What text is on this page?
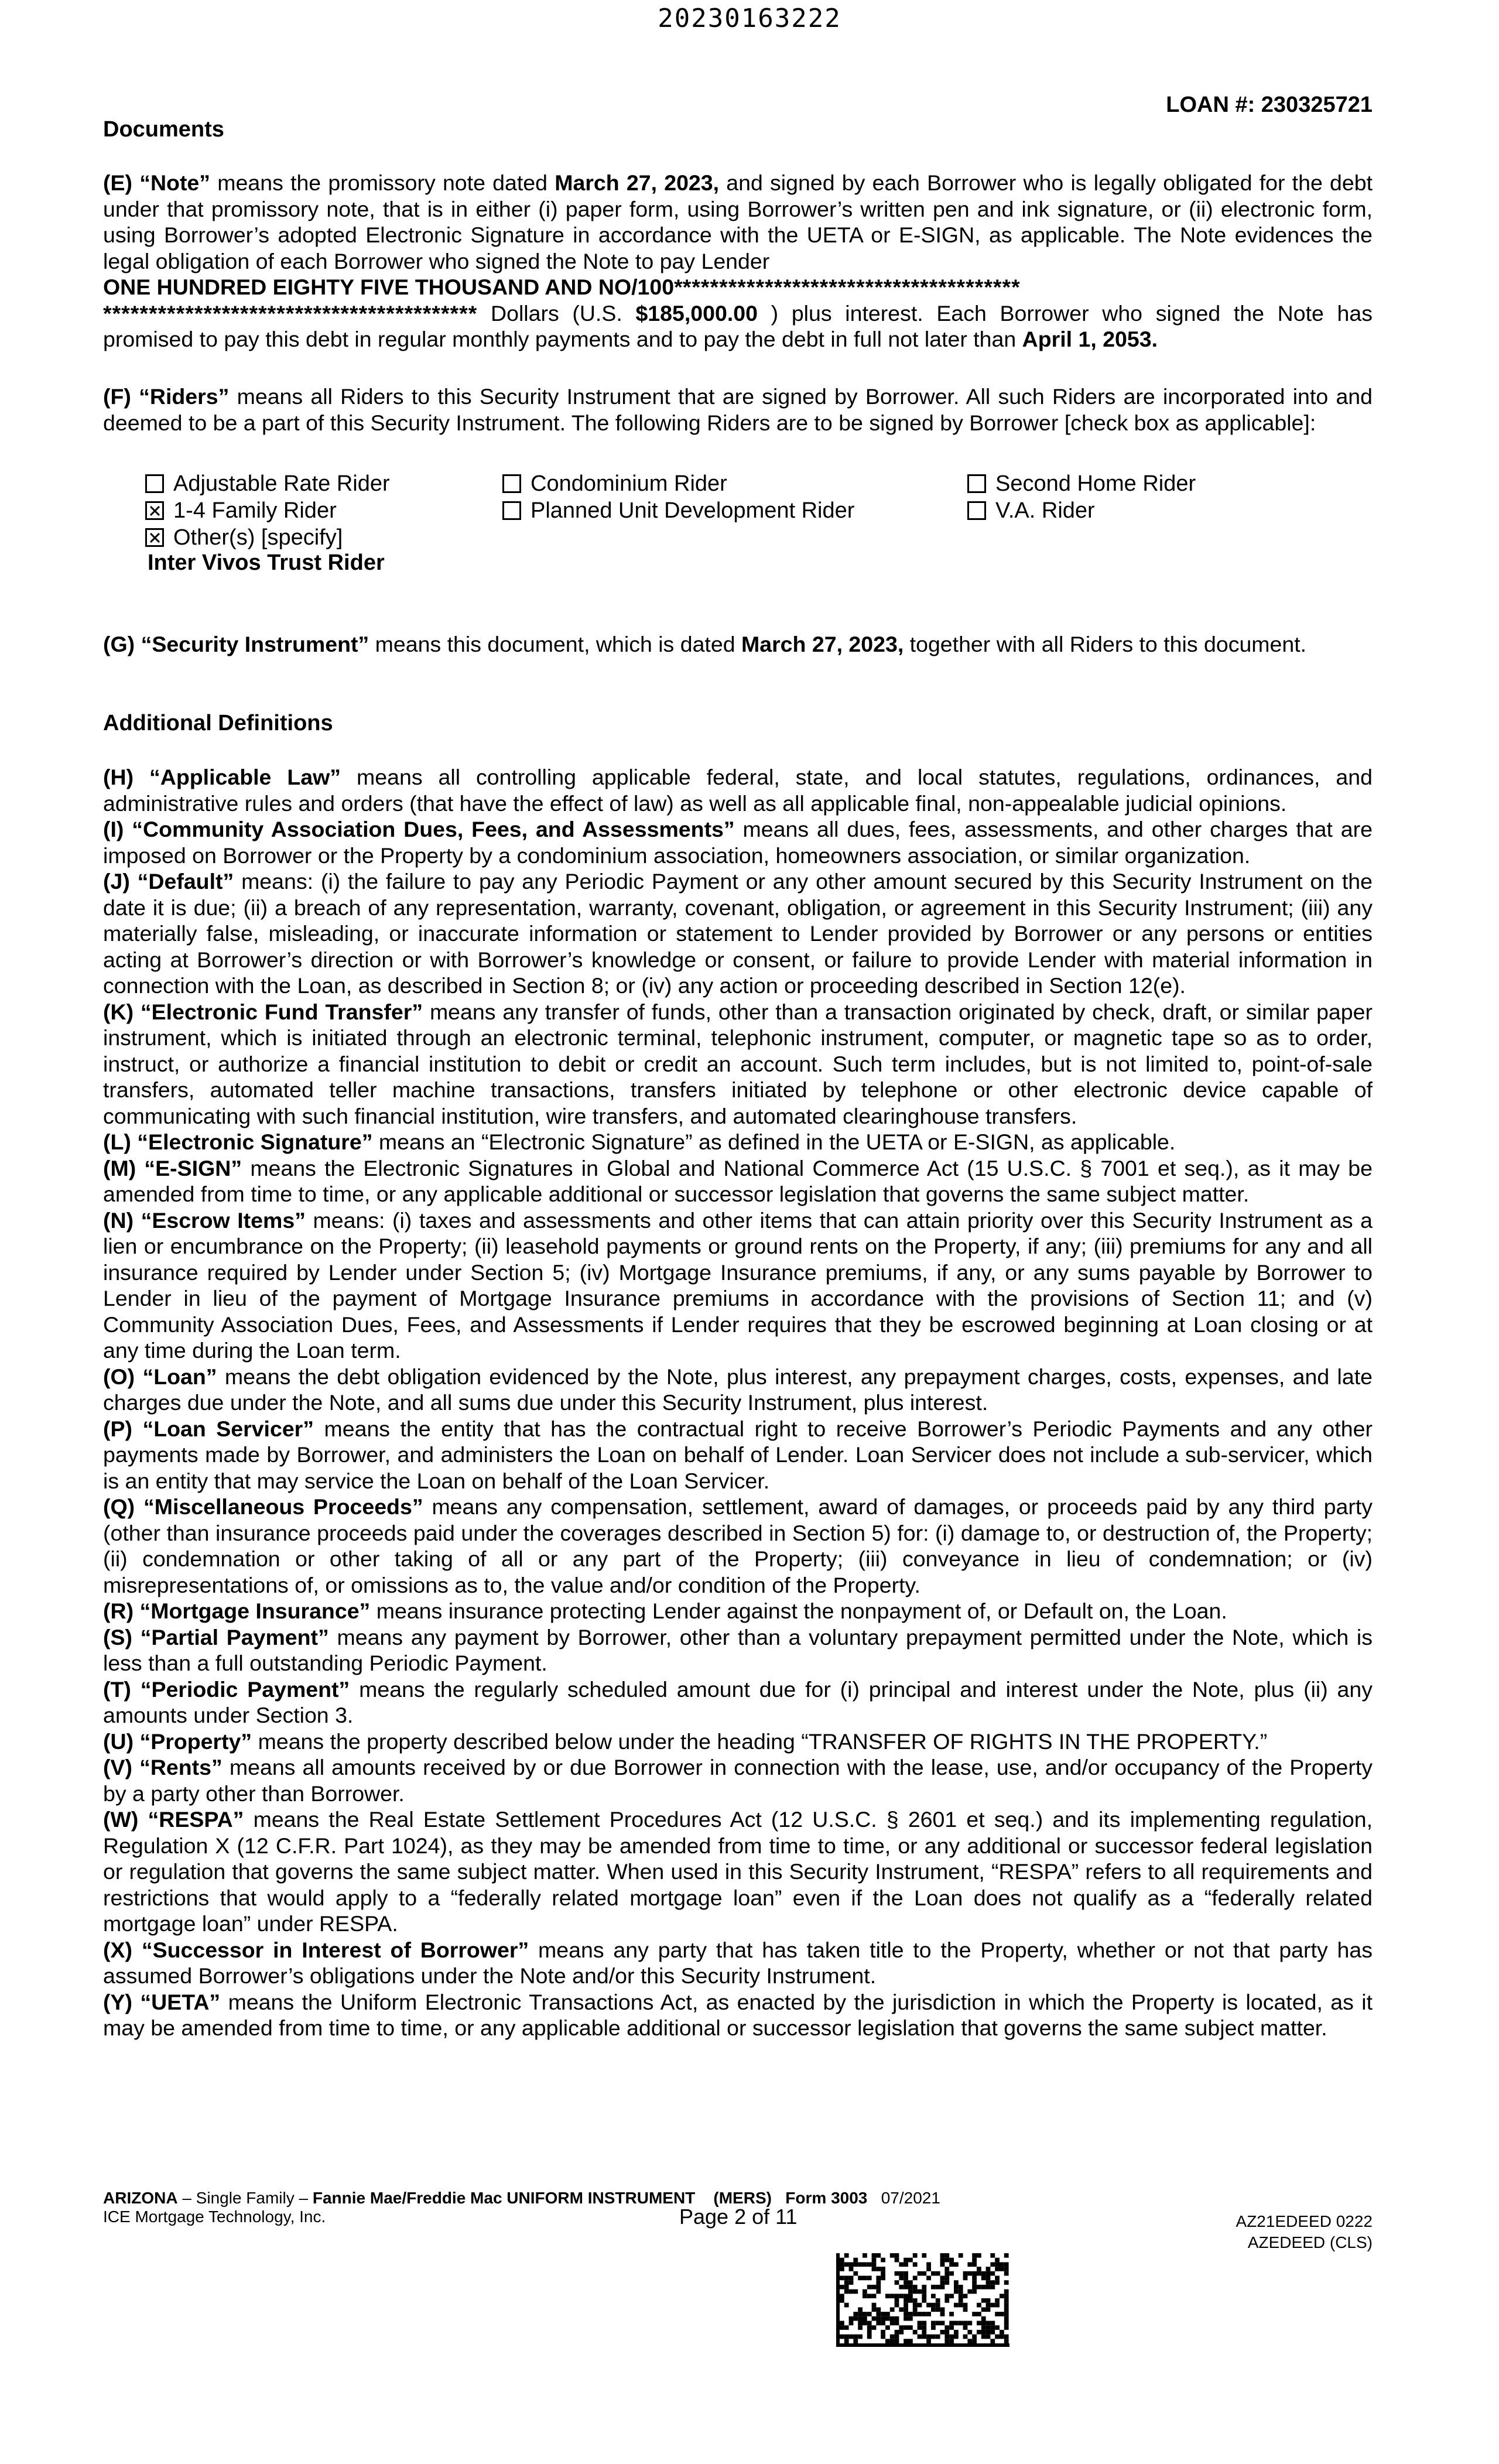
20230163222
LOAN #: 230325721
Documents
(E) “Note” means the promissory note dated March 27, 2023, and signed by each Borrower who is legally obligated for the debt under that promissory note, that is in either (i) paper form, using Borrower’s written pen and ink signature, or (ii) electronic form, using Borrower’s adopted Electronic Signature in accordance with the UETA or E-SIGN, as applicable. The Note evidences the legal obligation of each Borrower who signed the Note to pay Lender
ONE HUNDRED EIGHTY FIVE THOUSAND AND NO/100**************************************
***************************************** Dollars (U.S. $185,000.00 ) plus interest. Each Borrower who signed the Note has promised to pay this debt in regular monthly payments and to pay the debt in full not later than April 1, 2053.
(F) “Riders” means all Riders to this Security Instrument that are signed by Borrower. All such Riders are incorporated into and deemed to be a part of this Security Instrument. The following Riders are to be signed by Borrower [check box as applicable]:
Adjustable Rate Rider
1-4 Family Rider
Other(s) [specify]
Inter Vivos Trust Rider
Condominium Rider
Planned Unit Development Rider
Second Home Rider
V.A. Rider
(G) “Security Instrument” means this document, which is dated March 27, 2023, together with all Riders to this document.
Additional Definitions
(H) “Applicable Law” means all controlling applicable federal, state, and local statutes, regulations, ordinances, and administrative rules and orders (that have the effect of law) as well as all applicable final, non-appealable judicial opinions.
(I) “Community Association Dues, Fees, and Assessments” means all dues, fees, assessments, and other charges that are imposed on Borrower or the Property by a condominium association, homeowners association, or similar organization.
(J) “Default” means: (i) the failure to pay any Periodic Payment or any other amount secured by this Security Instrument on the date it is due; (ii) a breach of any representation, warranty, covenant, obligation, or agreement in this Security Instrument; (iii) any materially false, misleading, or inaccurate information or statement to Lender provided by Borrower or any persons or entities acting at Borrower’s direction or with Borrower’s knowledge or consent, or failure to provide Lender with material information in connection with the Loan, as described in Section 8; or (iv) any action or proceeding described in Section 12(e).
(K) “Electronic Fund Transfer” means any transfer of funds, other than a transaction originated by check, draft, or similar paper instrument, which is initiated through an electronic terminal, telephonic instrument, computer, or magnetic tape so as to order, instruct, or authorize a financial institution to debit or credit an account. Such term includes, but is not limited to, point-of-sale transfers, automated teller machine transactions, transfers initiated by telephone or other electronic device capable of communicating with such financial institution, wire transfers, and automated clearinghouse transfers.
(L) “Electronic Signature” means an “Electronic Signature” as defined in the UETA or E-SIGN, as applicable.
(M) “E-SIGN” means the Electronic Signatures in Global and National Commerce Act (15 U.S.C. § 7001 et seq.), as it may be amended from time to time, or any applicable additional or successor legislation that governs the same subject matter.
(N) “Escrow Items” means: (i) taxes and assessments and other items that can attain priority over this Security Instrument as a lien or encumbrance on the Property; (ii) leasehold payments or ground rents on the Property, if any; (iii) premiums for any and all insurance required by Lender under Section 5; (iv) Mortgage Insurance premiums, if any, or any sums payable by Borrower to Lender in lieu of the payment of Mortgage Insurance premiums in accordance with the provisions of Section 11; and (v) Community Association Dues, Fees, and Assessments if Lender requires that they be escrowed beginning at Loan closing or at any time during the Loan term.
(O) “Loan” means the debt obligation evidenced by the Note, plus interest, any prepayment charges, costs, expenses, and late charges due under the Note, and all sums due under this Security Instrument, plus interest.
(P) “Loan Servicer” means the entity that has the contractual right to receive Borrower’s Periodic Payments and any other payments made by Borrower, and administers the Loan on behalf of Lender. Loan Servicer does not include a sub-servicer, which is an entity that may service the Loan on behalf of the Loan Servicer.
(Q) “Miscellaneous Proceeds” means any compensation, settlement, award of damages, or proceeds paid by any third party (other than insurance proceeds paid under the coverages described in Section 5) for: (i) damage to, or destruction of, the Property; (ii) condemnation or other taking of all or any part of the Property; (iii) conveyance in lieu of condemnation; or (iv) misrepresentations of, or omissions as to, the value and/or condition of the Property.
(R) “Mortgage Insurance” means insurance protecting Lender against the nonpayment of, or Default on, the Loan.
(S) “Partial Payment” means any payment by Borrower, other than a voluntary prepayment permitted under the Note, which is less than a full outstanding Periodic Payment.
(T) “Periodic Payment” means the regularly scheduled amount due for (i) principal and interest under the Note, plus (ii) any amounts under Section 3.
(U) “Property” means the property described below under the heading “TRANSFER OF RIGHTS IN THE PROPERTY.”
(V) “Rents” means all amounts received by or due Borrower in connection with the lease, use, and/or occupancy of the Property by a party other than Borrower.
(W) “RESPA” means the Real Estate Settlement Procedures Act (12 U.S.C. § 2601 et seq.) and its implementing regulation, Regulation X (12 C.F.R. Part 1024), as they may be amended from time to time, or any additional or successor federal legislation or regulation that governs the same subject matter. When used in this Security Instrument, “RESPA” refers to all requirements and restrictions that would apply to a “federally related mortgage loan” even if the Loan does not qualify as a “federally related mortgage loan” under RESPA.
(X) “Successor in Interest of Borrower” means any party that has taken title to the Property, whether or not that party has assumed Borrower’s obligations under the Note and/or this Security Instrument.
(Y) “UETA” means the Uniform Electronic Transactions Act, as enacted by the jurisdiction in which the Property is located, as it may be amended from time to time, or any applicable additional or successor legislation that governs the same subject matter.
ARIZONA – Single Family – Fannie Mae/Freddie Mac UNIFORM INSTRUMENT (MERS) Form 3003 07/2021
ICE Mortgage Technology, Inc.	Page 2 of 11	AZ21EDEED 0222
AZEDEED (CLS)
